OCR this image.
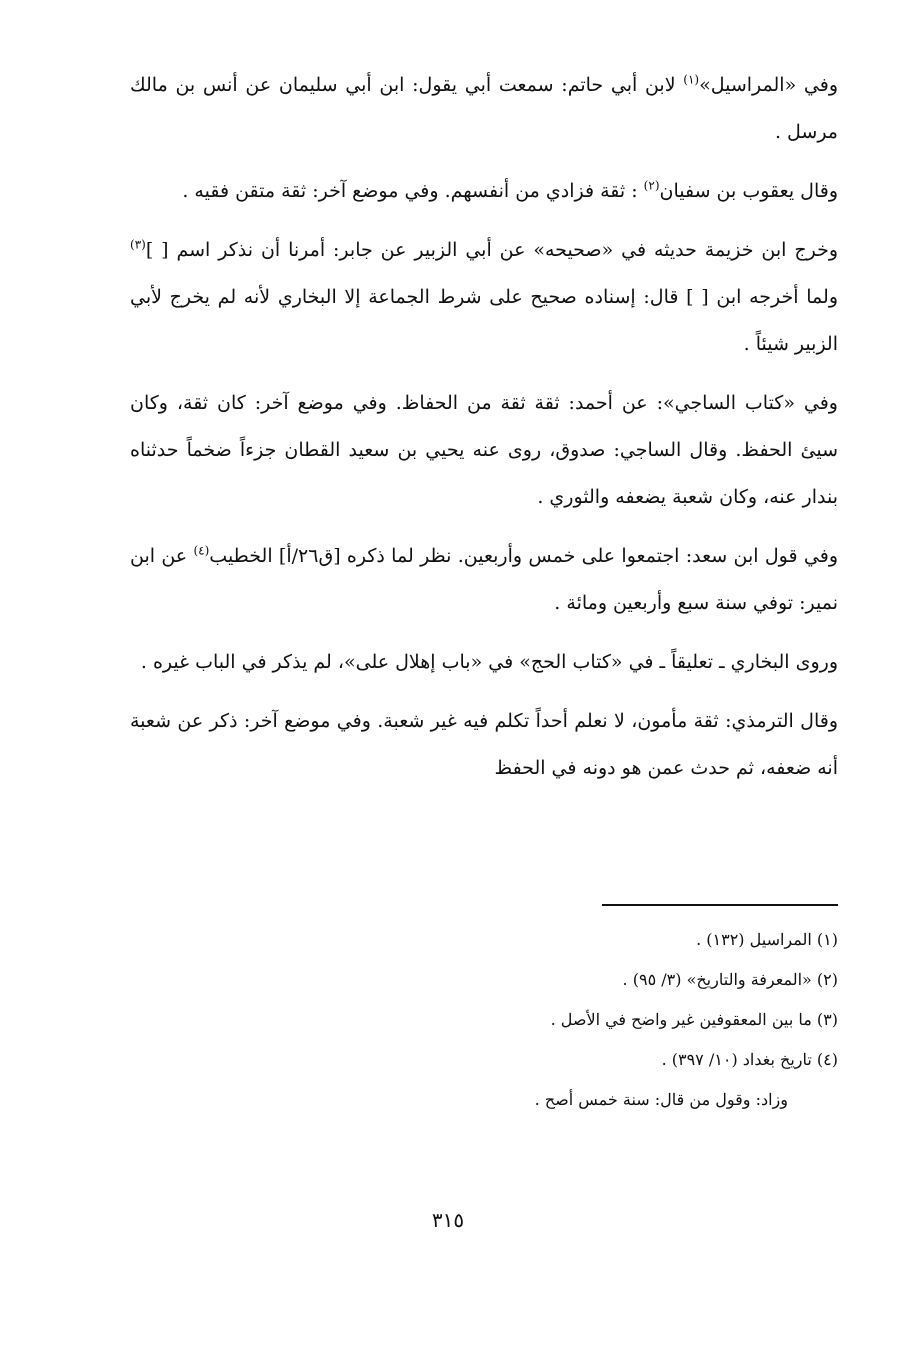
وفي «المراسيل»$^{(١)}$ لابن أبي حاتم: سمعت أبي يقول: ابن أبي سليمان عن أنس بن مالك مرسل .

وقال يعقوب بن سفيان$^{(٢)}$ : ثقة فزادي من أنفسهم. وفي موضع آخر: ثقة متقن فقيه .

وخرج ابن خزيمة حديثه في «صحيحه» عن أبي الزبير عن جابر: أمرنا أن نذكر اسم [ ]$^{(٣)}$ ولما أخرجه ابن [ ] قال: إسناده صحيح على شرط الجماعة إلا البخاري لأنه لم يخرج لأبي الزبير شيئاً .

وفي «كتاب الساجي»: عن أحمد: ثقة ثقة من الحفاظ. وفي موضع آخر: كان ثقة، وكان سيئ الحفظ. وقال الساجي: صدوق، روى عنه يحيي بن سعيد القطان جزءاً ضخماً حدثناه بندار عنه، وكان شعبة يضعفه والثوري .

وفي قول ابن سعد: اجتمعوا على خمس وأربعين. نظر لما ذكره [ق٢٦/أ] الخطيب$^{(٤)}$ عن ابن نمير: توفي سنة سبع وأربعين ومائة .

وروى البخاري ـ تعليقاً ـ في «كتاب الحج» في «باب إهلال على»، لم يذكر في الباب غيره .

وقال الترمذي: ثقة مأمون، لا نعلم أحداً تكلم فيه غير شعبة. وفي موضع آخر: ذكر عن شعبة أنه ضعفه، ثم حدث عمن هو دونه في الحفظ

(١) المراسيل (١٣٢) .

(٢) «المعرفة والتاريخ» (٣/ ٩٥) .

(٣) ما بين المعقوفين غير واضح في الأصل .

(٤) تاريخ بغداد (١٠/ ٣٩٧) .

وزاد: وقول من قال: سنة خمس أصح .

٣١٥
